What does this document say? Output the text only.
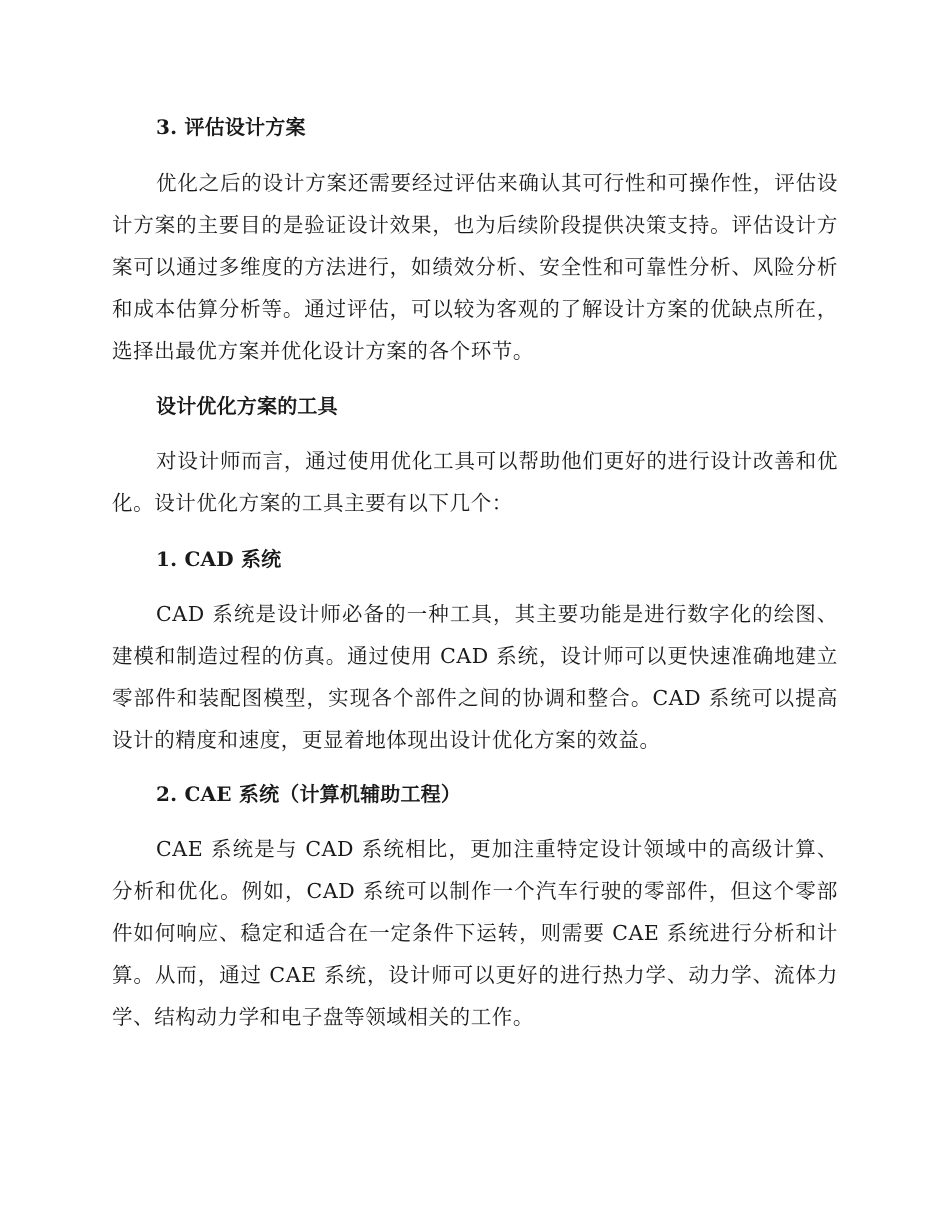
3. 评估设计方案

优化之后的设计方案还需要经过评估来确认其可行性和可操作性，评估设计方案的主要目的是验证设计效果，也为后续阶段提供决策支持。评估设计方案可以通过多维度的方法进行，如绩效分析、安全性和可靠性分析、风险分析和成本估算分析等。通过评估，可以较为客观的了解设计方案的优缺点所在，选择出最优方案并优化设计方案的各个环节。

设计优化方案的工具

对设计师而言，通过使用优化工具可以帮助他们更好的进行设计改善和优化。设计优化方案的工具主要有以下几个：

1. CAD 系统

CAD 系统是设计师必备的一种工具，其主要功能是进行数字化的绘图、建模和制造过程的仿真。通过使用 CAD 系统，设计师可以更快速准确地建立零部件和装配图模型，实现各个部件之间的协调和整合。CAD 系统可以提高设计的精度和速度，更显着地体现出设计优化方案的效益。

2. CAE 系统（计算机辅助工程）

CAE 系统是与 CAD 系统相比，更加注重特定设计领域中的高级计算、分析和优化。例如，CAD 系统可以制作一个汽车行驶的零部件，但这个零部件如何响应、稳定和适合在一定条件下运转，则需要 CAE 系统进行分析和计算。从而，通过 CAE 系统，设计师可以更好的进行热力学、动力学、流体力学、结构动力学和电子盘等领域相关的工作。
